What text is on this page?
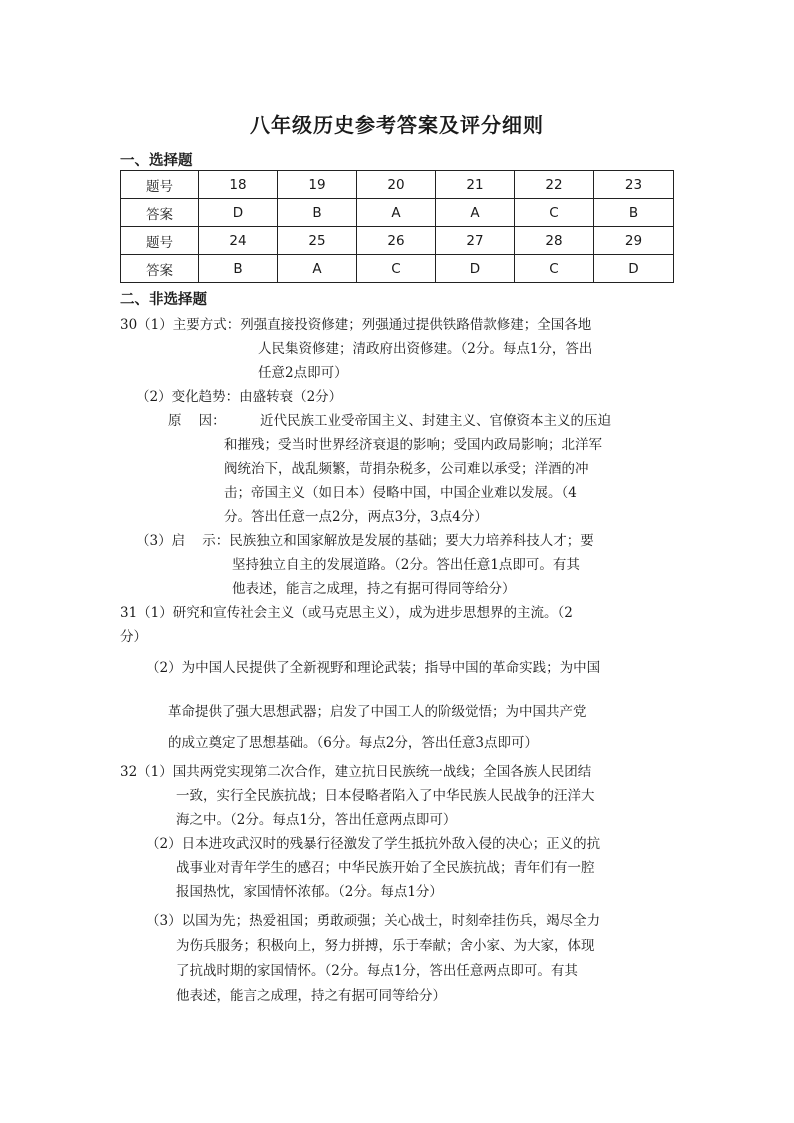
八年级历史参考答案及评分细则
一、选择题
题号	18	19	20	21	22	23
答案	D	B	A	A	C	B
题号	24	25	26	27	28	29
答案	B	A	C	D	C	D
二、非选择题
30（1）主要方式：列强直接投资修建；列强通过提供铁路借款修建；全国各地
人民集资修建；清政府出资修建。（2分。每点1分，答出
任意2点即可）
（2）变化趋势：由盛转衰（2分）
原    因：	近代民族工业受帝国主义、封建主义、官僚资本主义的压迫
和摧残；受当时世界经济衰退的影响；受国内政局影响；北洋军
阀统治下，战乱频繁，苛捐杂税多，公司难以承受；洋酒的冲
击；帝国主义（如日本）侵略中国，中国企业难以发展。（4
分。答出任意一点2分，两点3分，3点4分）
（3）启    示：民族独立和国家解放是发展的基础；要大力培养科技人才；要
坚持独立自主的发展道路。（2分。答出任意1点即可。有其
他表述，能言之成理，持之有据可得同等给分）
31（1）研究和宣传社会主义（或马克思主义），成为进步思想界的主流。（2
分）
（2）为中国人民提供了全新视野和理论武装；指导中国的革命实践；为中国
革命提供了强大思想武器；启发了中国工人的阶级觉悟；为中国共产党
的成立奠定了思想基础。（6分。每点2分，答出任意3点即可）
32（1）国共两党实现第二次合作，建立抗日民族统一战线；全国各族人民团结
一致，实行全民族抗战；日本侵略者陷入了中华民族人民战争的汪洋大
海之中。（2分。每点1分，答出任意两点即可）
（2）日本进攻武汉时的残暴行径激发了学生抵抗外敌入侵的决心；正义的抗
战事业对青年学生的感召；中华民族开始了全民族抗战；青年们有一腔
报国热忱，家国情怀浓郁。（2分。每点1分）
（3）以国为先；热爱祖国；勇敢顽强；关心战士，时刻牵挂伤兵，竭尽全力
为伤兵服务；积极向上，努力拼搏，乐于奉献；舍小家、为大家，体现
了抗战时期的家国情怀。（2分。每点1分，答出任意两点即可。有其
他表述，能言之成理，持之有据可同等给分）
